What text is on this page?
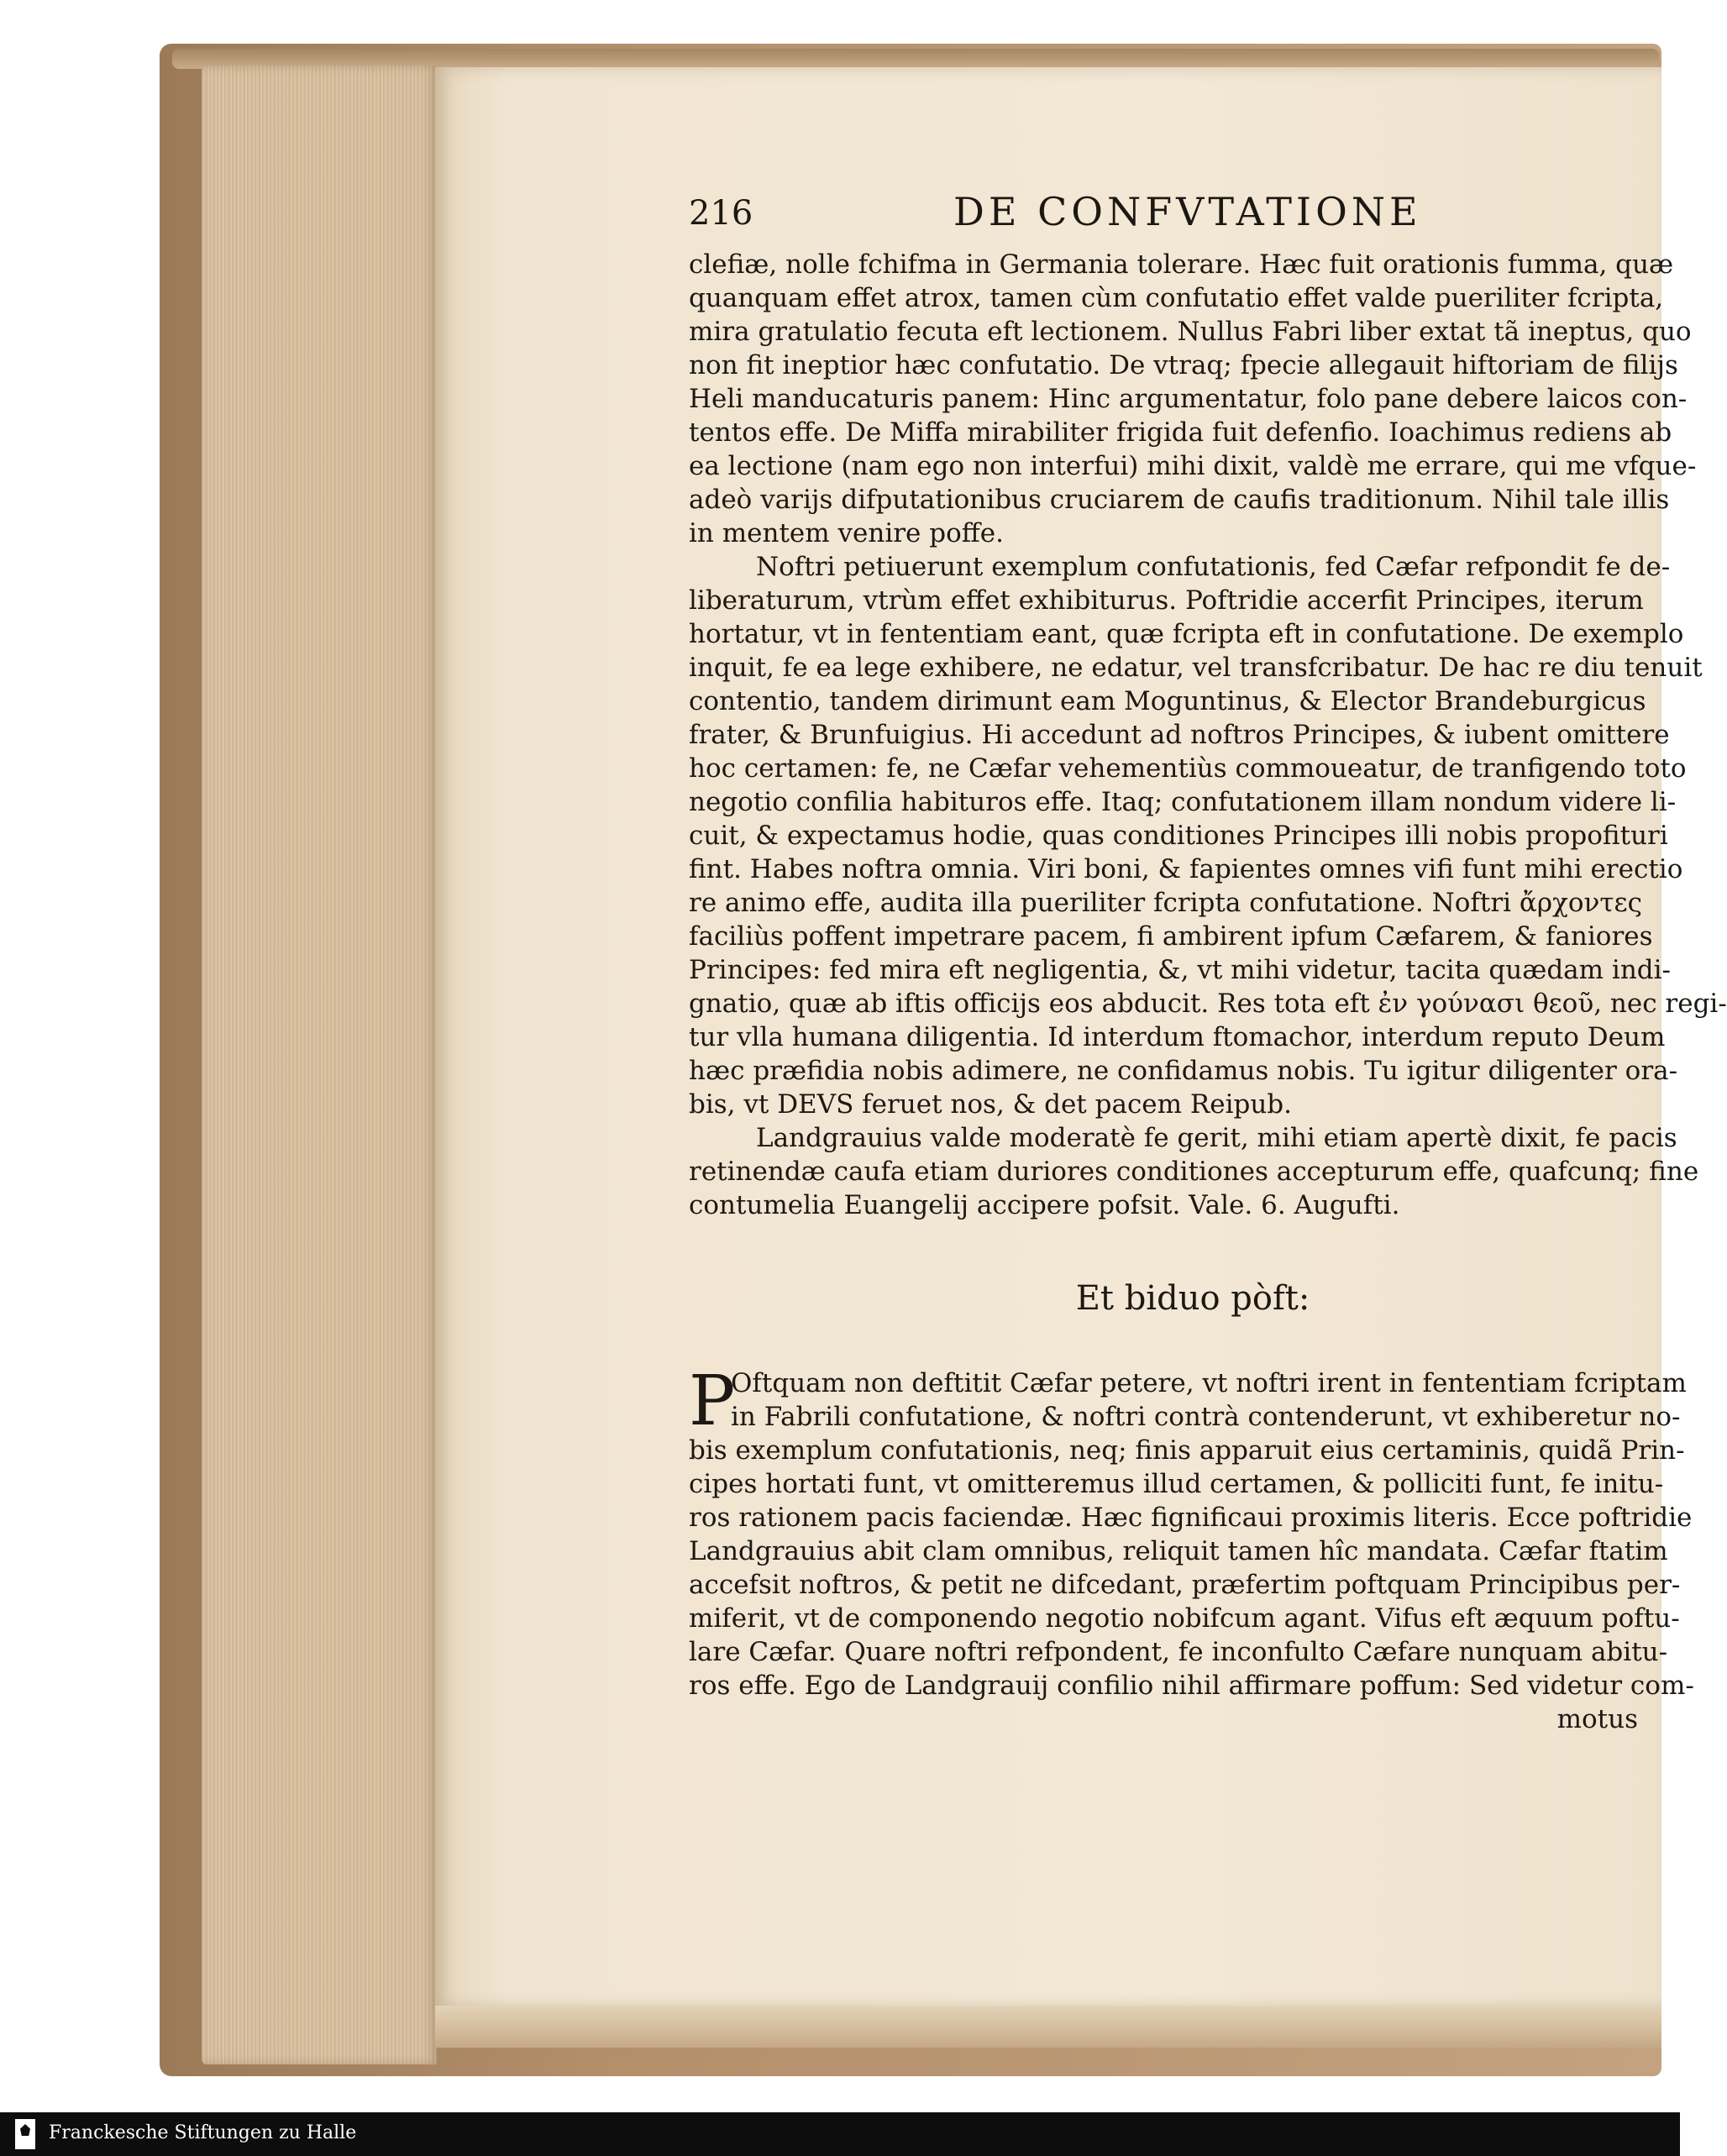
216	DE CONFVTATIONE
clefiæ, nolle fchifma in Germania tolerare. Hæc fuit orationis fumma, quæ
quanquam effet atrox, tamen cùm confutatio effet valde pueriliter fcripta,
mira gratulatio fecuta eft lectionem. Nullus Fabri liber extat tã ineptus, quo
non fit ineptior hæc confutatio. De vtraq; fpecie allegauit hiftoriam de filijs
Heli manducaturis panem: Hinc argumentatur, folo pane debere laicos con-
tentos effe. De Miffa mirabiliter frigida fuit defenfio. Ioachimus rediens ab
ea lectione (nam ego non interfui) mihi dixit, valdè me errare, qui me vfque-
adeò varijs difputationibus cruciarem de caufis traditionum. Nihil tale illis
in mentem venire poffe.
Noftri petiuerunt exemplum confutationis, fed Cæfar refpondit fe de-
liberaturum, vtrùm effet exhibiturus. Poftridie accerfit Principes, iterum
hortatur, vt in fententiam eant, quæ fcripta eft in confutatione. De exemplo
inquit, fe ea lege exhibere, ne edatur, vel transfcribatur. De hac re diu tenuit
contentio, tandem dirimunt eam Moguntinus, & Elector Brandeburgicus
frater, & Brunfuigius. Hi accedunt ad noftros Principes, & iubent omittere
hoc certamen: fe, ne Cæfar vehementiùs commoueatur, de tranfigendo toto
negotio confilia habituros effe. Itaq; confutationem illam nondum videre li-
cuit, & expectamus hodie, quas conditiones Principes illi nobis propofituri
fint. Habes noftra omnia. Viri boni, & fapientes omnes vifi funt mihi erectio
re animo effe, audita illa pueriliter fcripta confutatione. Noftri ἄρχοντες
faciliùs poffent impetrare pacem, fi ambirent ipfum Cæfarem, & faniores
Principes: fed mira eft negligentia, &, vt mihi videtur, tacita quædam indi-
gnatio, quæ ab iftis officijs eos abducit. Res tota eft ἐν γούνασι θεοῦ, nec regi-
tur vlla humana diligentia. Id interdum ftomachor, interdum reputo Deum
hæc præfidia nobis adimere, ne confidamus nobis. Tu igitur diligenter ora-
bis, vt DEVS feruet nos, & det pacem Reipub.
Landgrauius valde moderatè fe gerit, mihi etiam apertè dixit, fe pacis
retinendæ caufa etiam duriores conditiones accepturum effe, quafcunq; fine
contumelia Euangelij accipere pofsit. Vale. 6. Augufti.
Et biduo pòft:
P
Oftquam non deftitit Cæfar petere, vt noftri irent in fententiam fcriptam
in Fabrili confutatione, & noftri contrà contenderunt, vt exhiberetur no-
bis exemplum confutationis, neq; finis apparuit eius certaminis, quidã Prin-
cipes hortati funt, vt omitteremus illud certamen, & polliciti funt, fe initu-
ros rationem pacis faciendæ. Hæc fignificaui proximis literis. Ecce poftridie
Landgrauius abit clam omnibus, reliquit tamen hîc mandata. Cæfar ftatim
accefsit noftros, & petit ne difcedant, præfertim poftquam Principibus per-
miferit, vt de componendo negotio nobifcum agant. Vifus eft æquum poftu-
lare Cæfar. Quare noftri refpondent, fe inconfulto Cæfare nunquam abitu-
ros effe. Ego de Landgrauij confilio nihil affirmare poffum: Sed videtur com-
motus
Franckesche Stiftungen zu Halle
